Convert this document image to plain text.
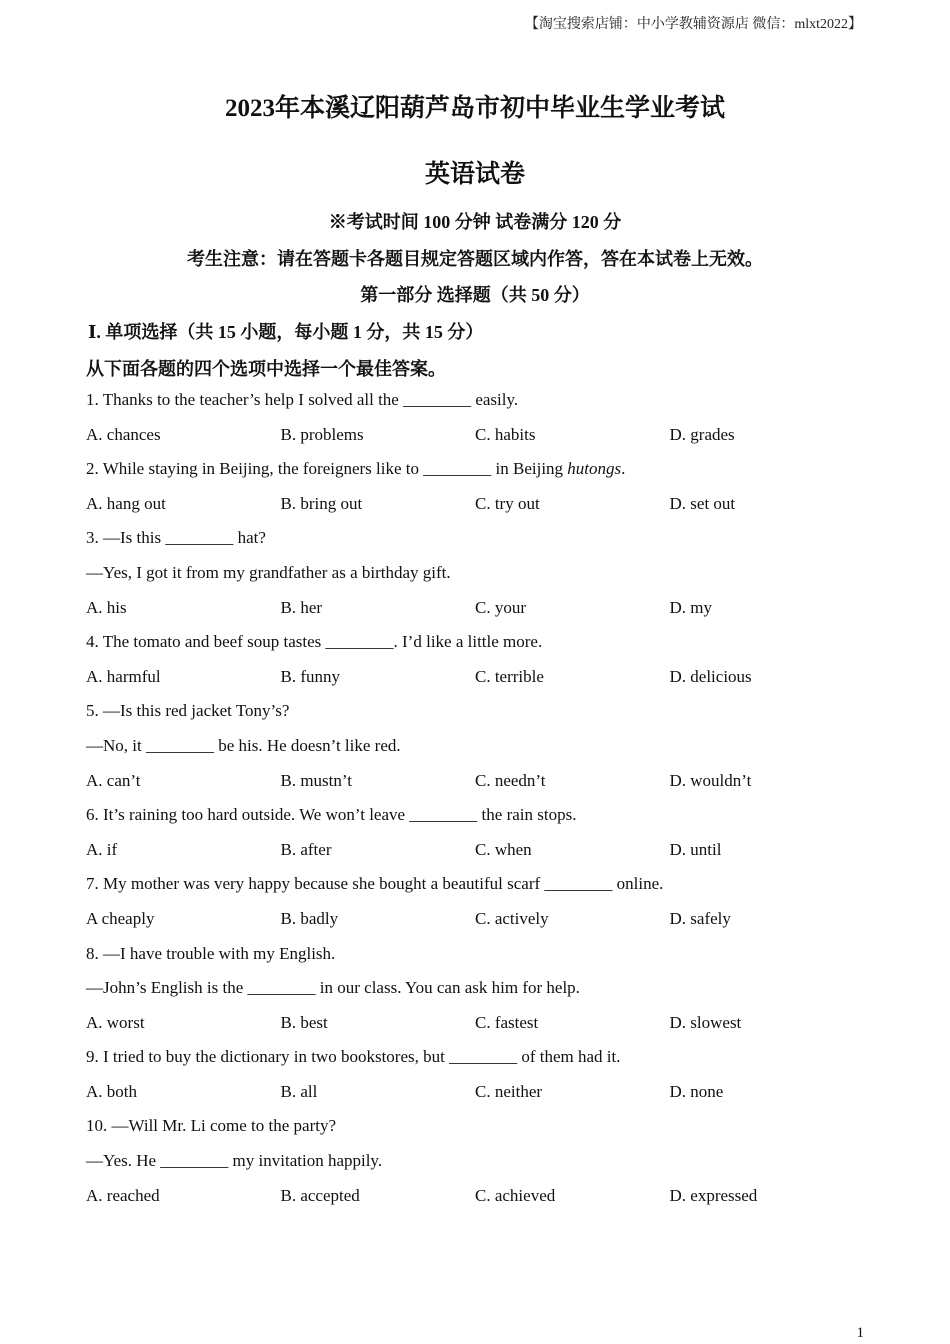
【淘宝搜索店铺：中小学教辅资源店 微信：mlxt2022】
2023年本溪辽阳葫芦岛市初中毕业生学业考试
英语试卷
※考试时间 100 分钟 试卷满分 120 分
考生注意：请在答题卡各题目规定答题区域内作答，答在本试卷上无效。
第一部分 选择题（共 50 分）
Ⅰ. 单项选择（共 15 小题，每小题 1 分，共 15 分）
从下面各题的四个选项中选择一个最佳答案。
1. Thanks to the teacher’s help I solved all the ________ easily.
A. chances	B. problems	C. habits	D. grades
2. While staying in Beijing, the foreigners like to ________ in Beijing hutongs.
A. hang out	B. bring out	C. try out	D. set out
3. —Is this ________ hat?
—Yes, I got it from my grandfather as a birthday gift.
A. his	B. her	C. your	D. my
4. The tomato and beef soup tastes ________. I’d like a little more.
A. harmful	B. funny	C. terrible	D. delicious
5. —Is this red jacket Tony’s?
—No, it ________ be his. He doesn’t like red.
A. can’t	B. mustn’t	C. needn’t	D. wouldn’t
6. It’s raining too hard outside. We won’t leave ________ the rain stops.
A. if	B. after	C. when	D. until
7. My mother was very happy because she bought a beautiful scarf ________ online.
A cheaply	B. badly	C. actively	D. safely
8. —I have trouble with my English.
—John’s English is the ________ in our class. You can ask him for help.
A. worst	B. best	C. fastest	D. slowest
9. I tried to buy the dictionary in two bookstores, but ________ of them had it.
A. both	B. all	C. neither	D. none
10. —Will Mr. Li come to the party?
—Yes. He ________ my invitation happily.
A. reached	B. accepted	C. achieved	D. expressed
1
